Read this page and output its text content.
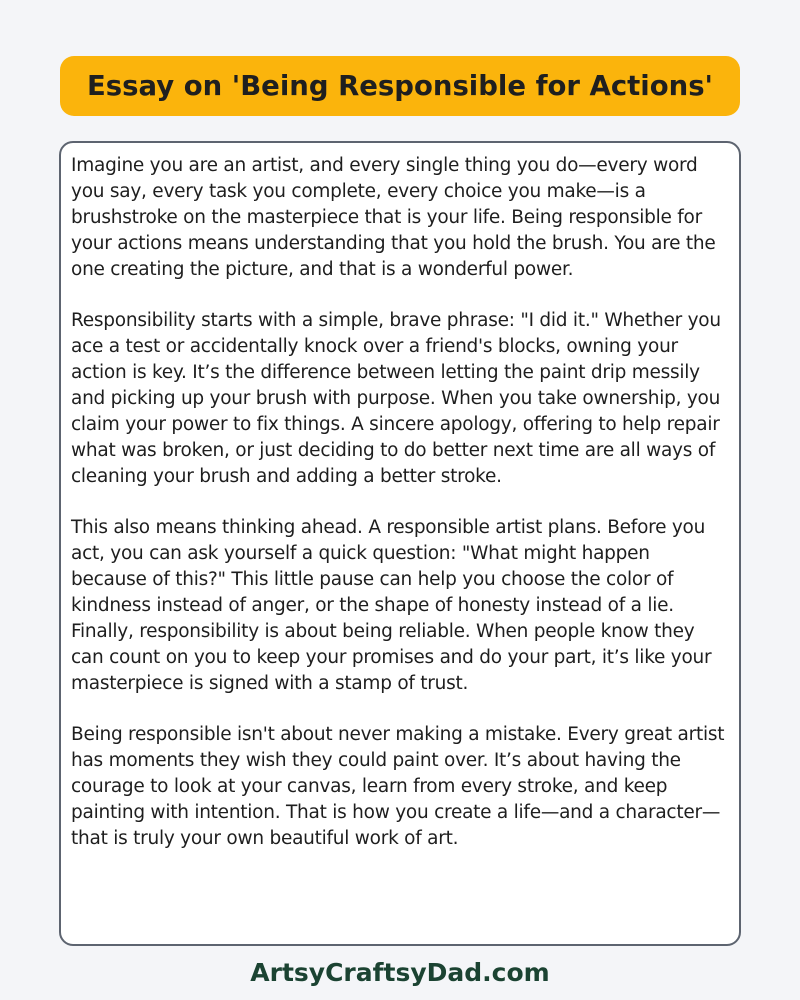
Essay on 'Being Responsible for Actions'

Imagine you are an artist, and every single thing you do—every word you say, every task you complete, every choice you make—is a brushstroke on the masterpiece that is your life. Being responsible for your actions means understanding that you hold the brush. You are the one creating the picture, and that is a wonderful power.

Responsibility starts with a simple, brave phrase: "I did it." Whether you ace a test or accidentally knock over a friend's blocks, owning your action is key. It’s the difference between letting the paint drip messily and picking up your brush with purpose. When you take ownership, you claim your power to fix things. A sincere apology, offering to help repair what was broken, or just deciding to do better next time are all ways of cleaning your brush and adding a better stroke.

This also means thinking ahead. A responsible artist plans. Before you act, you can ask yourself a quick question: "What might happen because of this?" This little pause can help you choose the color of kindness instead of anger, or the shape of honesty instead of a lie. Finally, responsibility is about being reliable. When people know they can count on you to keep your promises and do your part, it’s like your masterpiece is signed with a stamp of trust.

Being responsible isn't about never making a mistake. Every great artist has moments they wish they could paint over. It’s about having the courage to look at your canvas, learn from every stroke, and keep painting with intention. That is how you create a life—and a character—that is truly your own beautiful work of art.

ArtsyCraftsyDad.com
